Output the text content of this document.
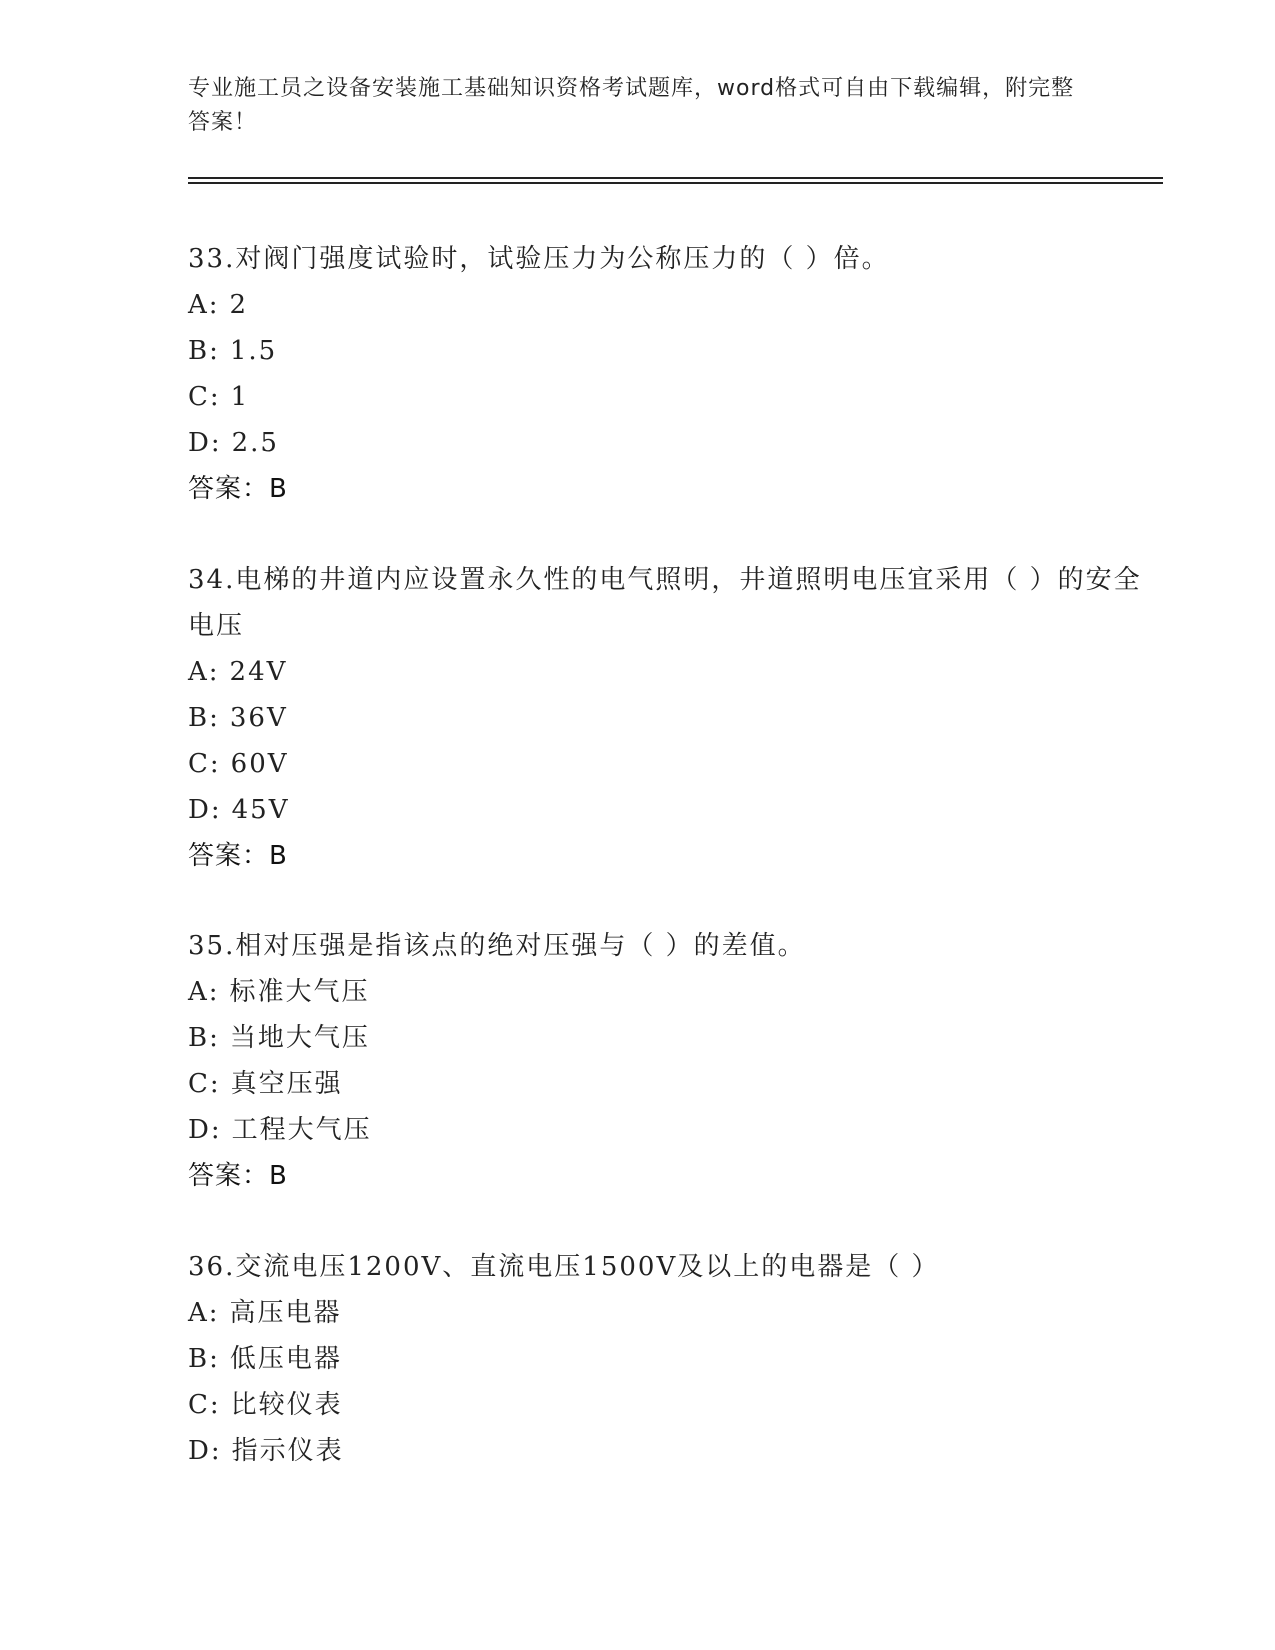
专业施工员之设备安装施工基础知识资格考试题库，word格式可自由下载编辑，附完整答案！
33.对阀门强度试验时，试验压力为公称压力的（ ）倍。
A: 2
B: 1.5
C: 1
D: 2.5
答案：B
34.电梯的井道内应设置永久性的电气照明，井道照明电压宜采用（ ）的安全电压
A: 24V
B: 36V
C: 60V
D: 45V
答案：B
35.相对压强是指该点的绝对压强与（ ）的差值。
A: 标准大气压
B: 当地大气压
C: 真空压强
D: 工程大气压
答案：B
36.交流电压1200V、直流电压1500V及以上的电器是（ ）
A: 高压电器
B: 低压电器
C: 比较仪表
D: 指示仪表
